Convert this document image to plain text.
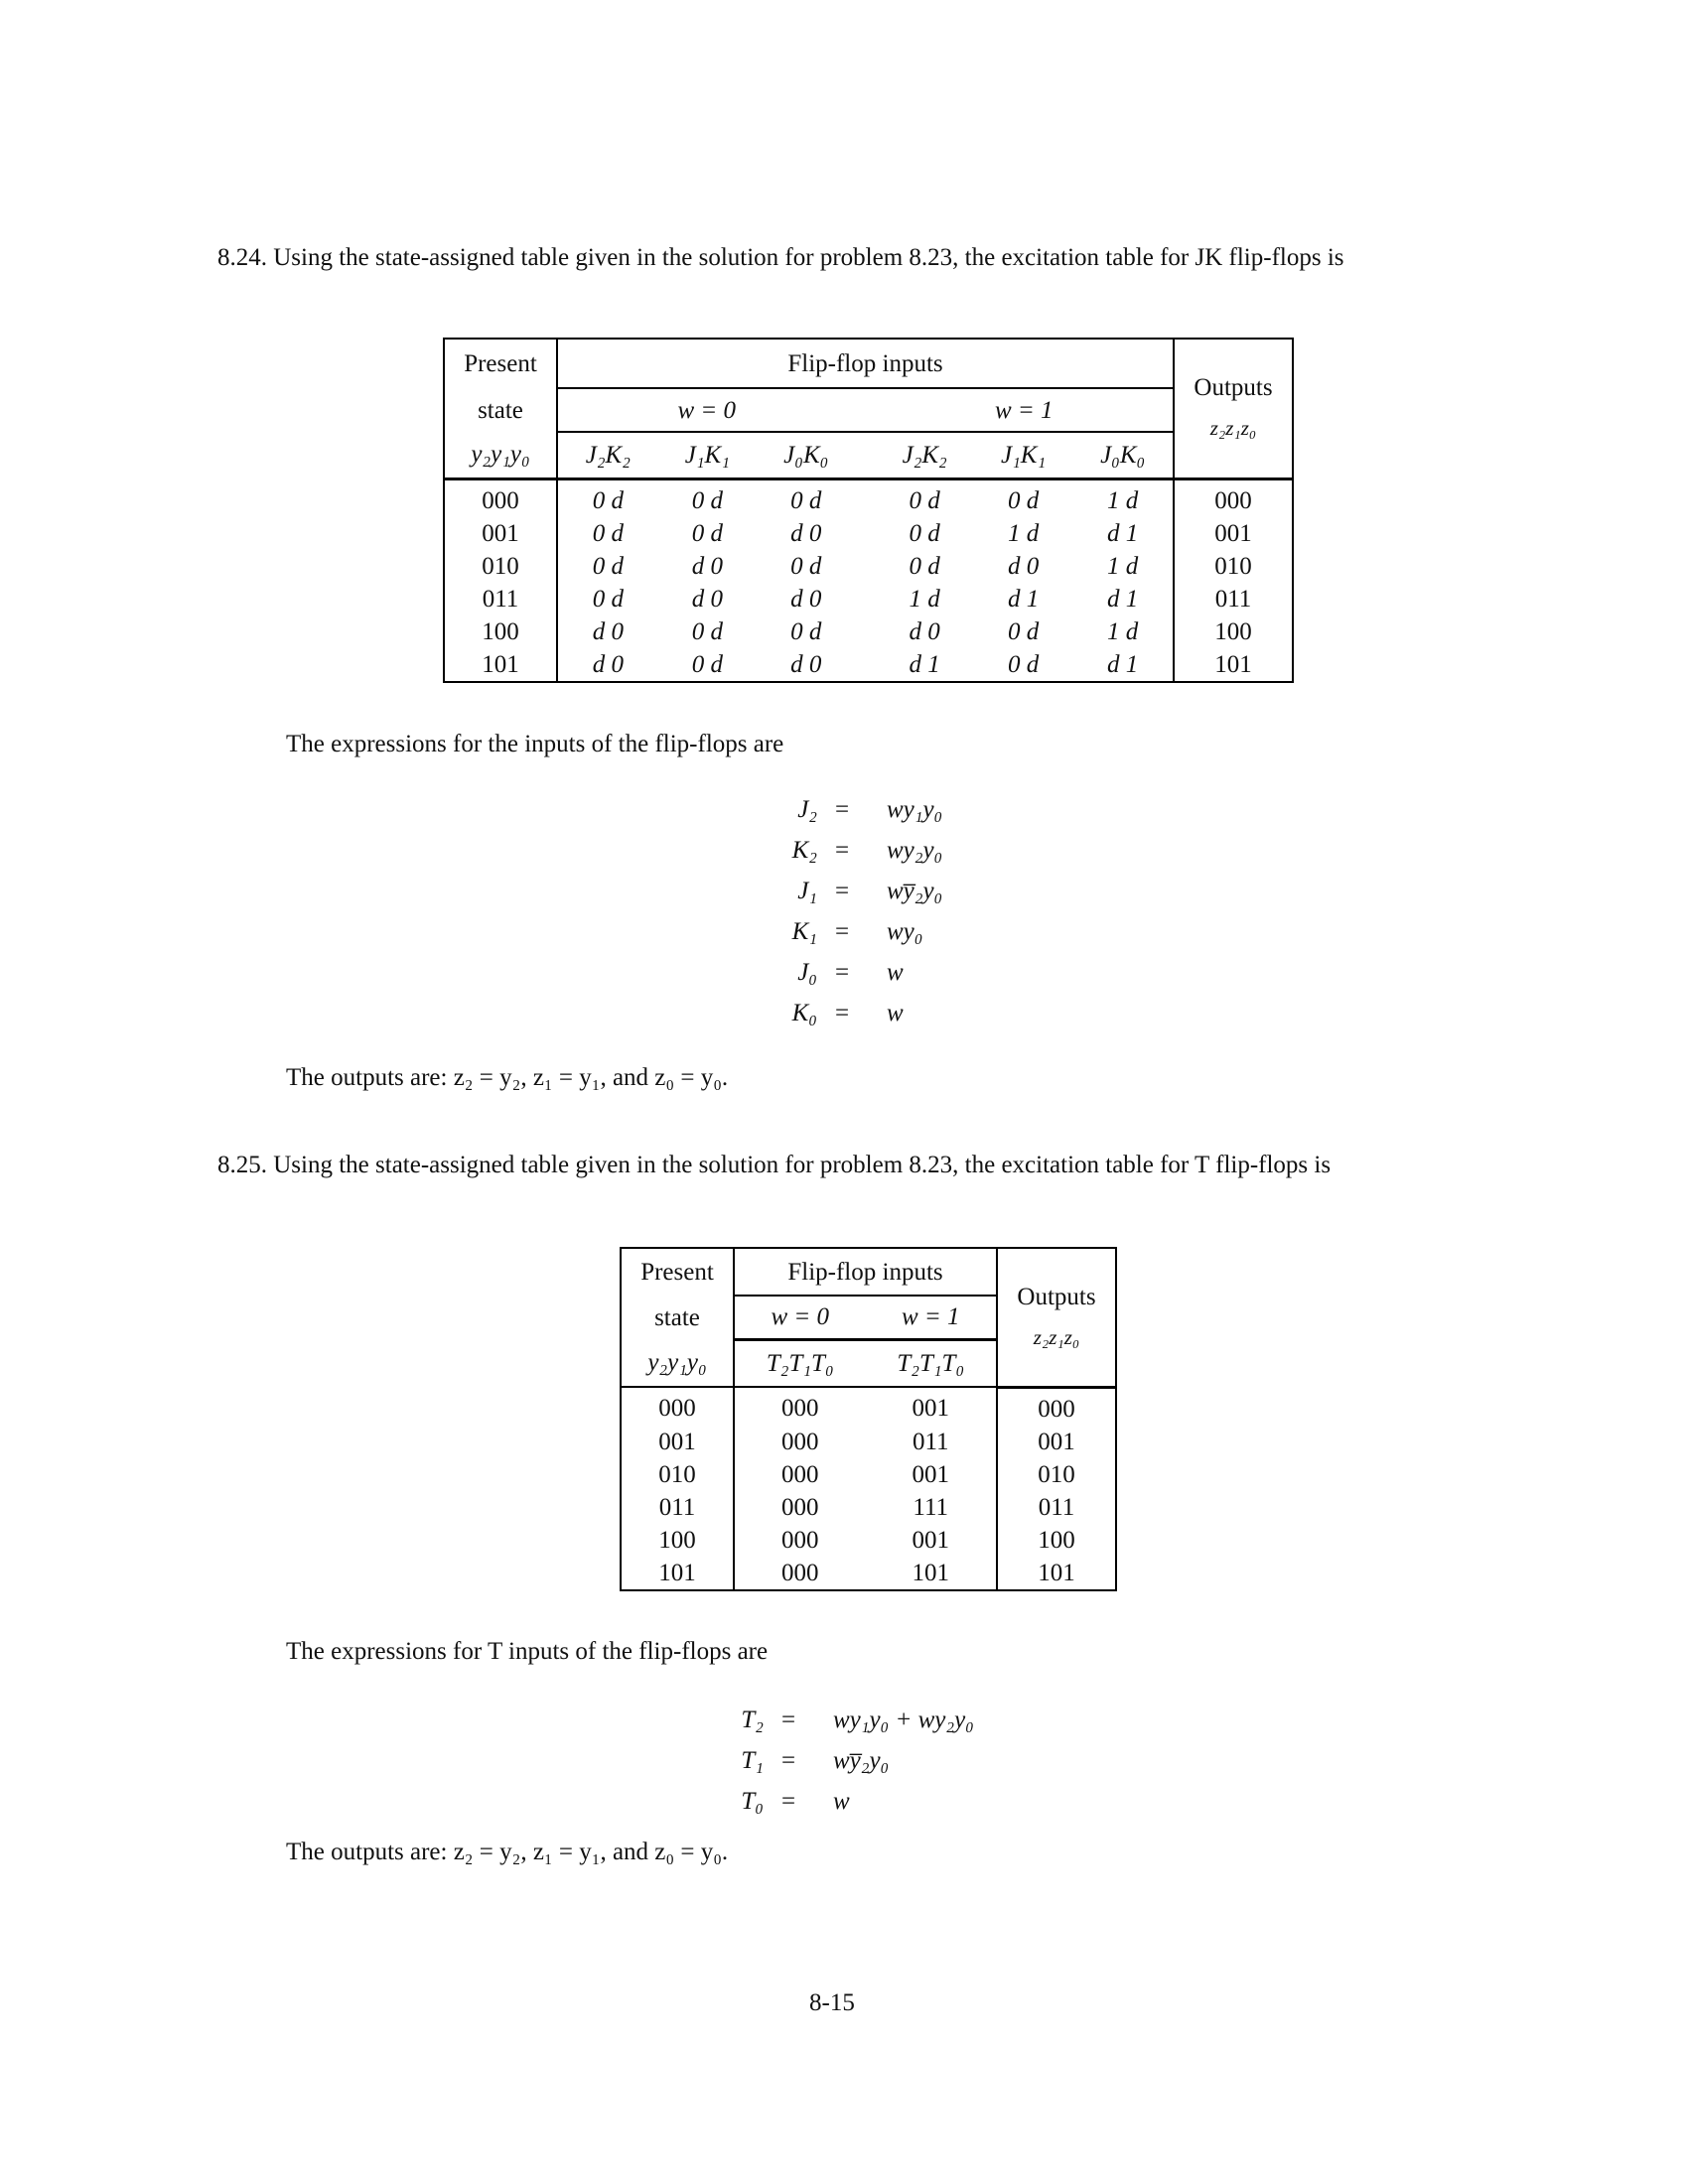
8.24. Using the state-assigned table given in the solution for problem 8.23, the excitation table for JK flip-flops is
Present	Flip-flop inputs							Outputs
z₂z₁z₀
state	w = 0				w = 1			
y₂y₁y₀	J₂K₂	J₁K₁	J₀K₀		J₂K₂	J₁K₁	J₀K₀	
000	0 d	0 d	0 d		0 d	0 d	1 d	000
001	0 d	0 d	d 0		0 d	1 d	d 1	001
010	0 d	d 0	0 d		0 d	d 0	1 d	010
011	0 d	d 0	d 0		1 d	d 1	d 1	011
100	d 0	0 d	0 d		d 0	0 d	1 d	100
101	d 0	0 d	d 0		d 1	0 d	d 1	101
The expressions for the inputs of the flip-flops are
J₂ = wy₁y₀
K₂ = wy₂y₀
J₁ = wy̅₂y₀
K₁ = wy₀
J₀ = w
K₀ = w
The outputs are: z₂ = y₂, z₁ = y₁, and z₀ = y₀.
8.25. Using the state-assigned table given in the solution for problem 8.23, the excitation table for T flip-flops is
Present	Flip-flop inputs		Outputs
z₂z₁z₀
state	w = 0	w = 1	
y₂y₁y₀	T₂T₁T₀	T₂T₁T₀	
000	000	001	000
001	000	011	001
010	000	001	010
011	000	111	011
100	000	001	100
101	000	101	101
The expressions for T inputs of the flip-flops are
T₂ = wy₁y₀ + wy₂y₀
T₁ = wy̅₂y₀
T₀ = w
The outputs are: z₂ = y₂, z₁ = y₁, and z₀ = y₀.
8-15
